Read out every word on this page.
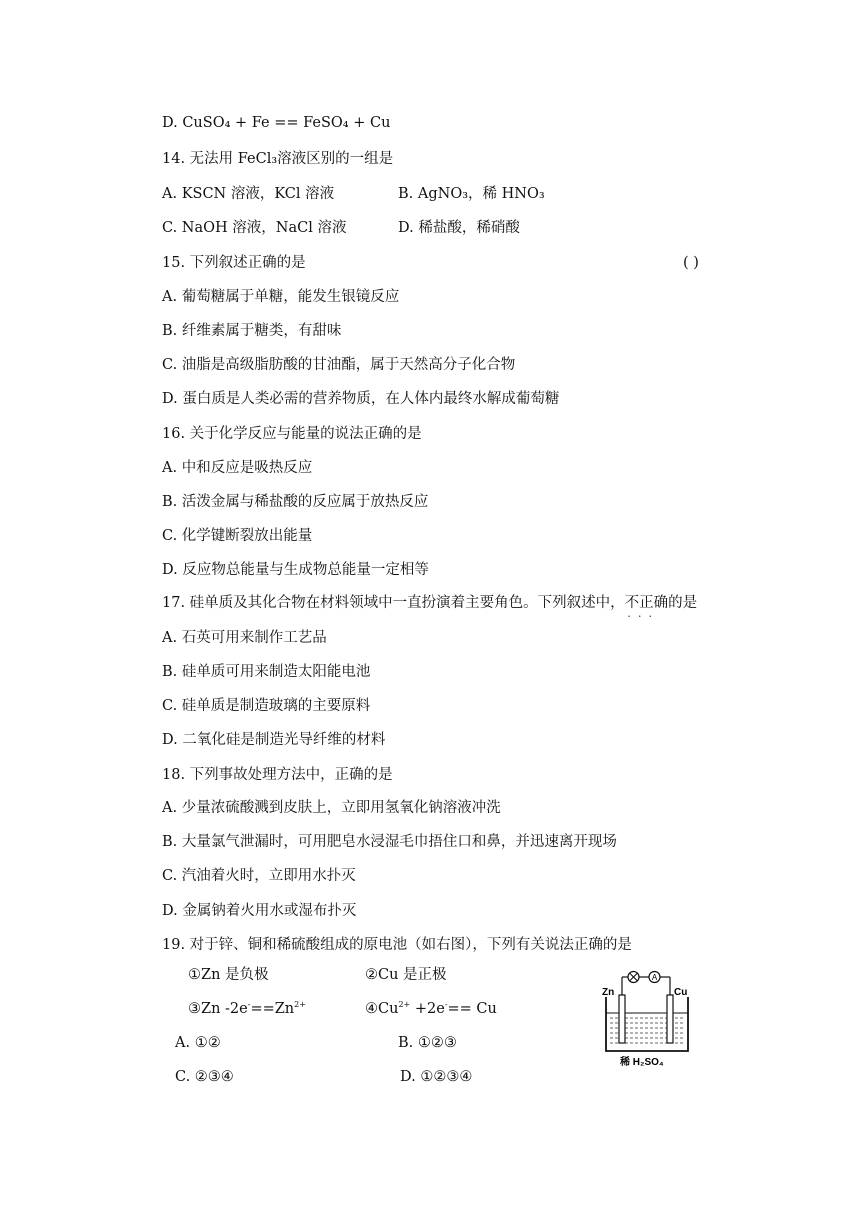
D. CuSO₄ + Fe == FeSO₄ + Cu
14. 无法用 FeCl₃溶液区别的一组是
A. KSCN 溶液，KCl 溶液	B. AgNO₃，稀 HNO₃
C. NaOH 溶液，NaCl 溶液	D. 稀盐酸，稀硝酸
15. 下列叙述正确的是	( )
A. 葡萄糖属于单糖，能发生银镜反应
B. 纤维素属于糖类，有甜味
C. 油脂是高级脂肪酸的甘油酯，属于天然高分子化合物
D. 蛋白质是人类必需的营养物质，在人体内最终水解成葡萄糖
16. 关于化学反应与能量的说法正确的是
A. 中和反应是吸热反应
B. 活泼金属与稀盐酸的反应属于放热反应
C. 化学键断裂放出能量
D. 反应物总能量与生成物总能量一定相等
17. 硅单质及其化合物在材料领域中一直扮演着主要角色。下列叙述中，不正确 • • •的是
A. 石英可用来制作工艺品
B. 硅单质可用来制造太阳能电池
C. 硅单质是制造玻璃的主要原料
D. 二氧化硅是制造光导纤维的材料
18. 下列事故处理方法中，正确的是
A. 少量浓硫酸溅到皮肤上，立即用氢氧化钠溶液冲洗
B. 大量氯气泄漏时，可用肥皂水浸湿毛巾捂住口和鼻，并迅速离开现场
C. 汽油着火时，立即用水扑灭
D. 金属钠着火用水或湿布扑灭
19. 对于锌、铜和稀硫酸组成的原电池（如右图），下列有关说法正确的是
①Zn 是负极	②Cu 是正极
③Zn $-2e^-==Zn^{2+}$	$④Cu^{2+} +2e^-== Cu$
A. ①②	B. ①②③
C. ②③④	D. ①②③④
A
Zn	Cu
稀 H₂SO₄
